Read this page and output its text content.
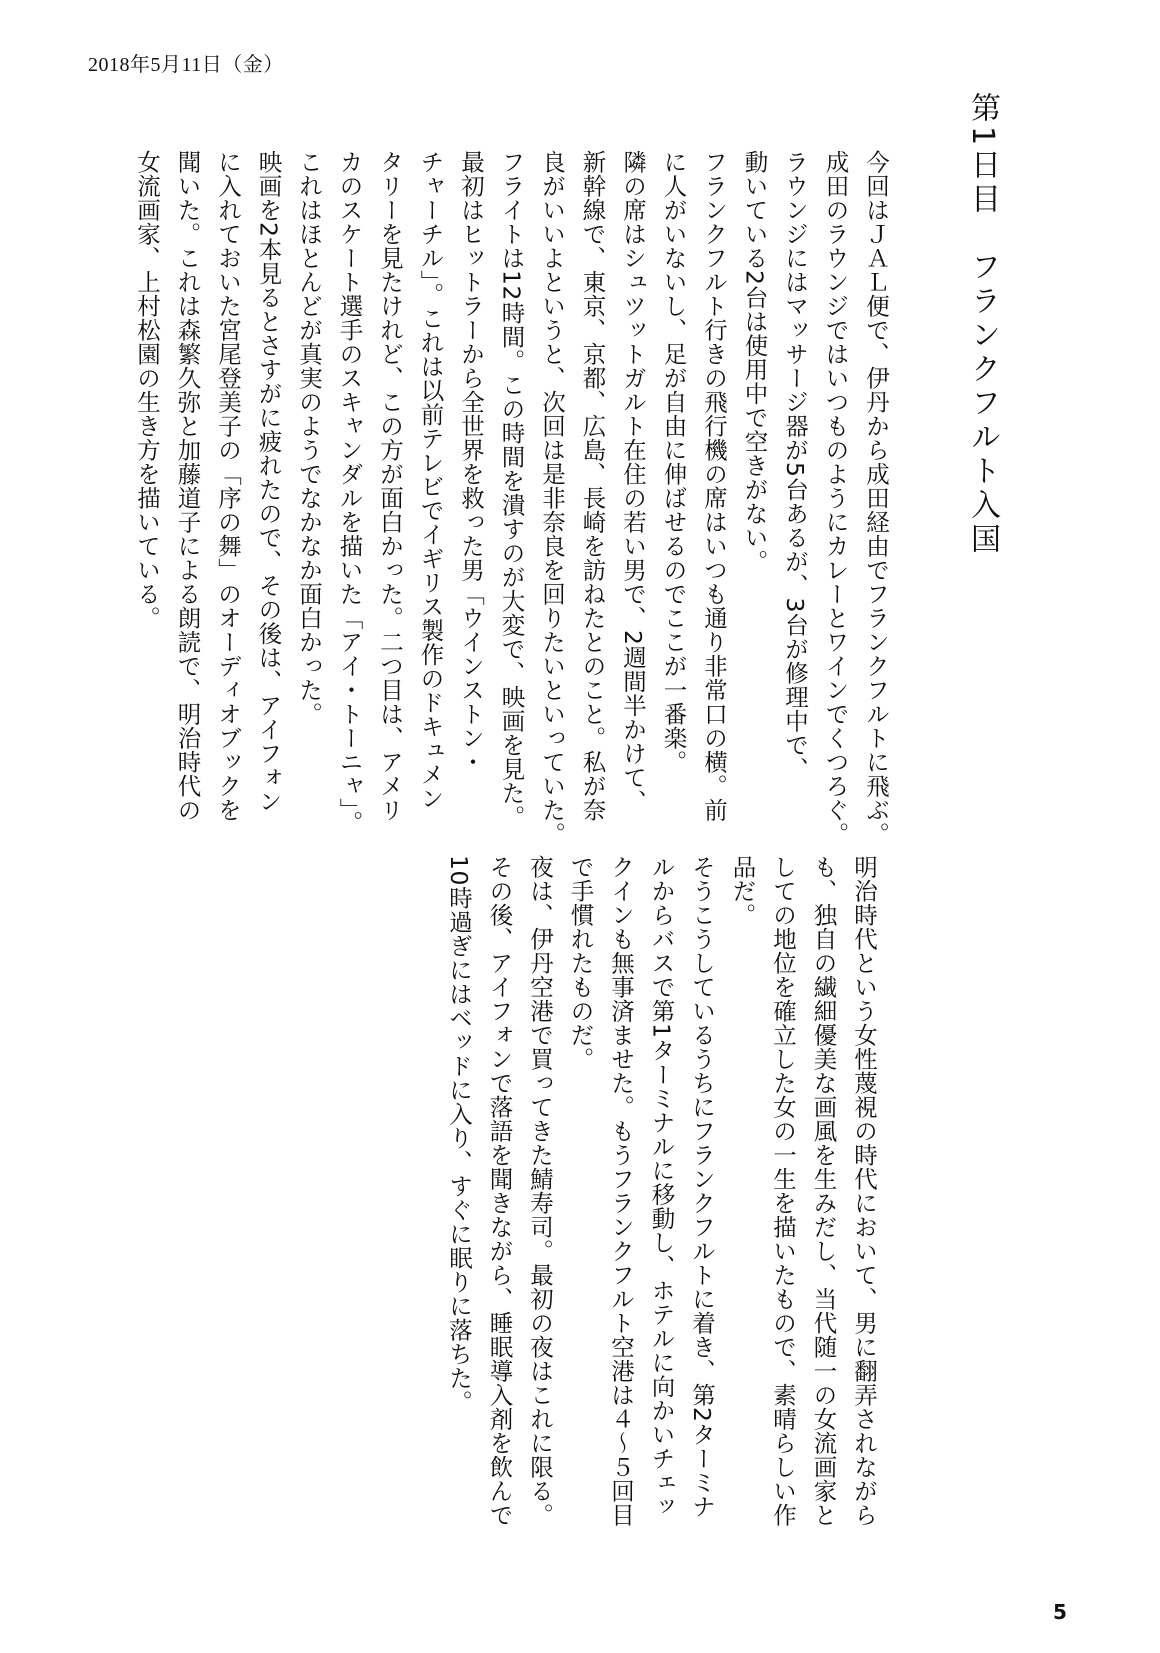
2018年5月11日（金）
第1日目　フランクフルト入国
今回はＪＡＬ便で、伊丹から成田経由でフランクフルトに飛ぶ。
成田のラウンジではいつものようにカレーとワインでくつろぐ。
ラウンジにはマッサージ器が5台あるが、3台が修理中で、
動いている2台は使用中で空きがない。
フランクフルト行きの飛行機の席はいつも通り非常口の横。前
に人がいないし、足が自由に伸ばせるのでここが一番楽。
隣の席はシュツットガルト在住の若い男で、2週間半かけて、
新幹線で、東京、京都、広島、長崎を訪ねたとのこと。私が奈
良がいいよというと、次回は是非奈良を回りたいといっていた。
フライトは12時間。この時間を潰すのが大変で、映画を見た。
最初はヒットラーから全世界を救った男「ウインストン・
チャーチル」。これは以前テレビでイギリス製作のドキュメン
タリーを見たけれど、この方が面白かった。二つ目は、アメリ
カのスケート選手のスキャンダルを描いた「アイ・トーニャ」。
これはほとんどが真実のようでなかなか面白かった。
映画を2本見るとさすがに疲れたので、その後は、アイフォン
に入れておいた宮尾登美子の「序の舞」のオーディオブックを
聞いた。これは森繁久弥と加藤道子による朗読で、明治時代の
女流画家、上村松園の生き方を描いている。
明治時代という女性蔑視の時代において、男に翻弄されながら
も、独自の繊細優美な画風を生みだし、当代随一の女流画家と
しての地位を確立した女の一生を描いたもので、素晴らしい作
品だ。
そうこうしているうちにフランクフルトに着き、第2ターミナ
ルからバスで第1ターミナルに移動し、ホテルに向かいチェッ
クインも無事済ませた。もうフランクフルト空港は４～５回目
で手慣れたものだ。
夜は、伊丹空港で買ってきた鯖寿司。最初の夜はこれに限る。
その後、アイフォンで落語を聞きながら、睡眠導入剤を飲んで
10時過ぎにはベッドに入り、すぐに眠りに落ちた。
5
